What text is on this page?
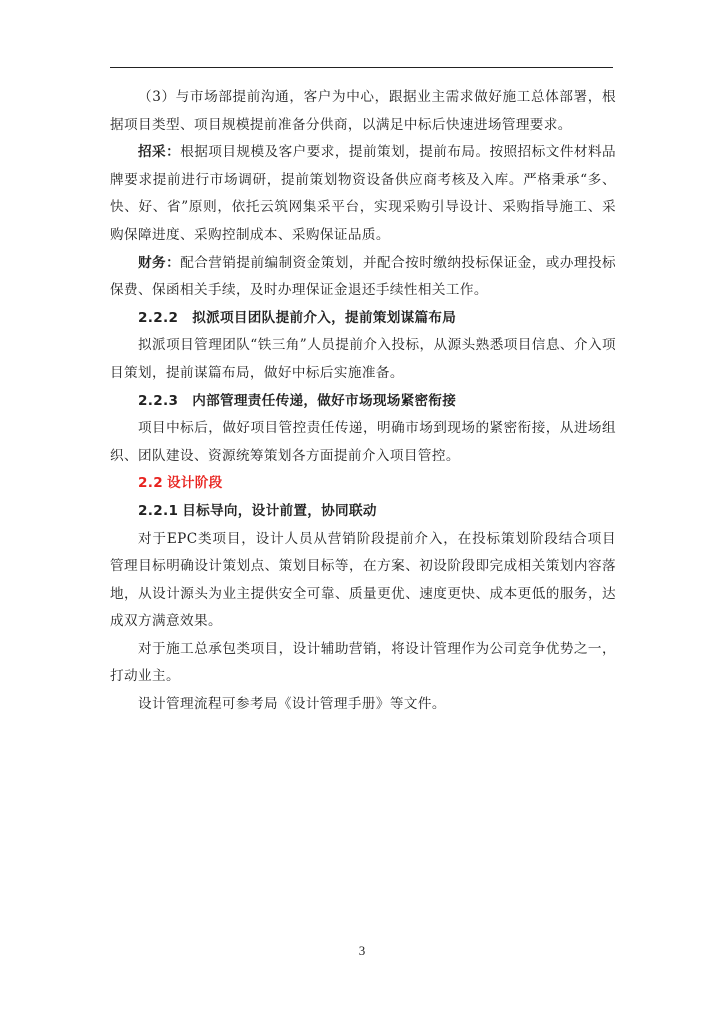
（3）与市场部提前沟通，客户为中心，跟据业主需求做好施工总体部署，根据项目类型、项目规模提前准备分供商，以满足中标后快速进场管理要求。

招采：根据项目规模及客户要求，提前策划，提前布局。按照招标文件材料品牌要求提前进行市场调研，提前策划物资设备供应商考核及入库。严格秉承“多、快、好、省”原则，依托云筑网集采平台，实现采购引导设计、采购指导施工、采购保障进度、采购控制成本、采购保证品质。

财务：配合营销提前编制资金策划，并配合按时缴纳投标保证金，或办理投标保费、保函相关手续，及时办理保证金退还手续性相关工作。

2.2.2 拟派项目团队提前介入，提前策划谋篇布局

拟派项目管理团队“铁三角”人员提前介入投标，从源头熟悉项目信息、介入项目策划，提前谋篇布局，做好中标后实施准备。

2.2.3 内部管理责任传递，做好市场现场紧密衔接

项目中标后，做好项目管控责任传递，明确市场到现场的紧密衔接，从进场组织、团队建设、资源统筹策划各方面提前介入项目管控。

2.2 设计阶段
2.2.1 目标导向，设计前置，协同联动

对于EPC类项目，设计人员从营销阶段提前介入，在投标策划阶段结合项目管理目标明确设计策划点、策划目标等，在方案、初设阶段即完成相关策划内容落地，从设计源头为业主提供安全可靠、质量更优、速度更快、成本更低的服务，达成双方满意效果。

对于施工总承包类项目，设计辅助营销，将设计管理作为公司竞争优势之一，打动业主。

设计管理流程可参考局《设计管理手册》等文件。

3
